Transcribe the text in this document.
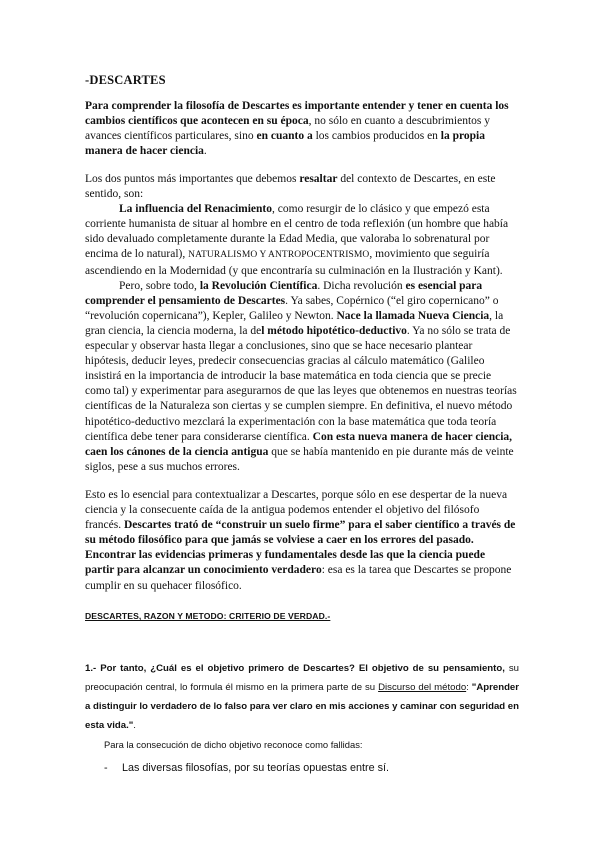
-DESCARTES
Para comprender la filosofía de Descartes es importante entender y tener en cuenta los cambios científicos que acontecen en su época, no sólo en cuanto a descubrimientos y avances científicos particulares, sino en cuanto a los cambios producidos en la propia manera de hacer ciencia.

Los dos puntos más importantes que debemos resaltar del contexto de Descartes, en este sentido, son:

La influencia del Renacimiento, como resurgir de lo clásico y que empezó esta corriente humanista de situar al hombre en el centro de toda reflexión (un hombre que había sido devaluado completamente durante la Edad Media, que valoraba lo sobrenatural por encima de lo natural), NATURALISMO Y ANTROPOCENTRISMO, movimiento que seguiría ascendiendo en la Modernidad (y que encontraría su culminación en la Ilustración y Kant).

Pero, sobre todo, la Revolución Científica. Dicha revolución es esencial para comprender el pensamiento de Descartes. Ya sabes, Copérnico (“el giro copernicano” o “revolución copernicana”), Kepler, Galileo y Newton. Nace la llamada Nueva Ciencia, la gran ciencia, la ciencia moderna, la del método hipotético-deductivo. Ya no sólo se trata de especular y observar hasta llegar a conclusiones, sino que se hace necesario plantear hipótesis, deducir leyes, predecir consecuencias gracias al cálculo matemático (Galileo insistirá en la importancia de introducir la base matemática en toda ciencia que se precie como tal) y experimentar para asegurarnos de que las leyes que obtenemos en nuestras teorías científicas de la Naturaleza son ciertas y se cumplen siempre. En definitiva, el nuevo método hipotético-deductivo mezclará la experimentación con la base matemática que toda teoría científica debe tener para considerarse científica. Con esta nueva manera de hacer ciencia, caen los cánones de la ciencia antigua que se había mantenido en pie durante más de veinte siglos, pese a sus muchos errores.

Esto es lo esencial para contextualizar a Descartes, porque sólo en ese despertar de la nueva ciencia y la consecuente caída de la antigua podemos entender el objetivo del filósofo francés. Descartes trató de “construir un suelo firme” para el saber científico a través de su método filosófico para que jamás se volviese a caer en los errores del pasado. Encontrar las evidencias primeras y fundamentales desde las que la ciencia puede partir para alcanzar un conocimiento verdadero: esa es la tarea que Descartes se propone cumplir en su quehacer filosófico.
DESCARTES, RAZON Y METODO: CRITERIO DE VERDAD.-
1.- Por tanto, ¿Cuál es el objetivo primero de Descartes? El objetivo de su pensamiento, su preocupación central, lo formula él mismo en la primera parte de su Discurso del método: "Aprender a distinguir lo verdadero de lo falso para ver claro en mis acciones y caminar con seguridad en esta vida.".
Para la consecución de dicho objetivo reconoce como fallidas:
- Las diversas filosofías, por su teorías opuestas entre sí.
